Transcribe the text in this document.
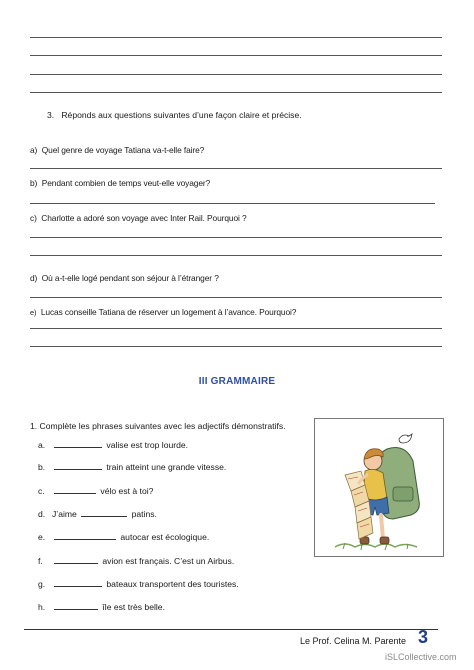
3. Réponds aux questions suivantes d’une façon claire et précise.
a) Quel genre de voyage Tatiana va-t-elle faire?
b) Pendant combien de temps veut-elle voyager?
c) Charlotte a adoré son voyage avec Inter Rail. Pourquoi ?
d) Où a-t-elle logé pendant son séjour à l’étranger ?
e) Lucas conseille Tatiana de réserver un logement à l’avance. Pourquoi?
III GRAMMAIRE
1. Complète les phrases suivantes avec les adjectifs démonstratifs.
a.	valise est trop lourde.
b.	train atteint une grande vitesse.
c.	vélo est à toi?
d. J’aime	patins.
e.	autocar est écologique.
f.	avion est français. C’est un Airbus.
g.	bateaux transportent des touristes.
h.	île est très belle.
Le Prof. Celina M. Parente 3
iSLCollective.com
